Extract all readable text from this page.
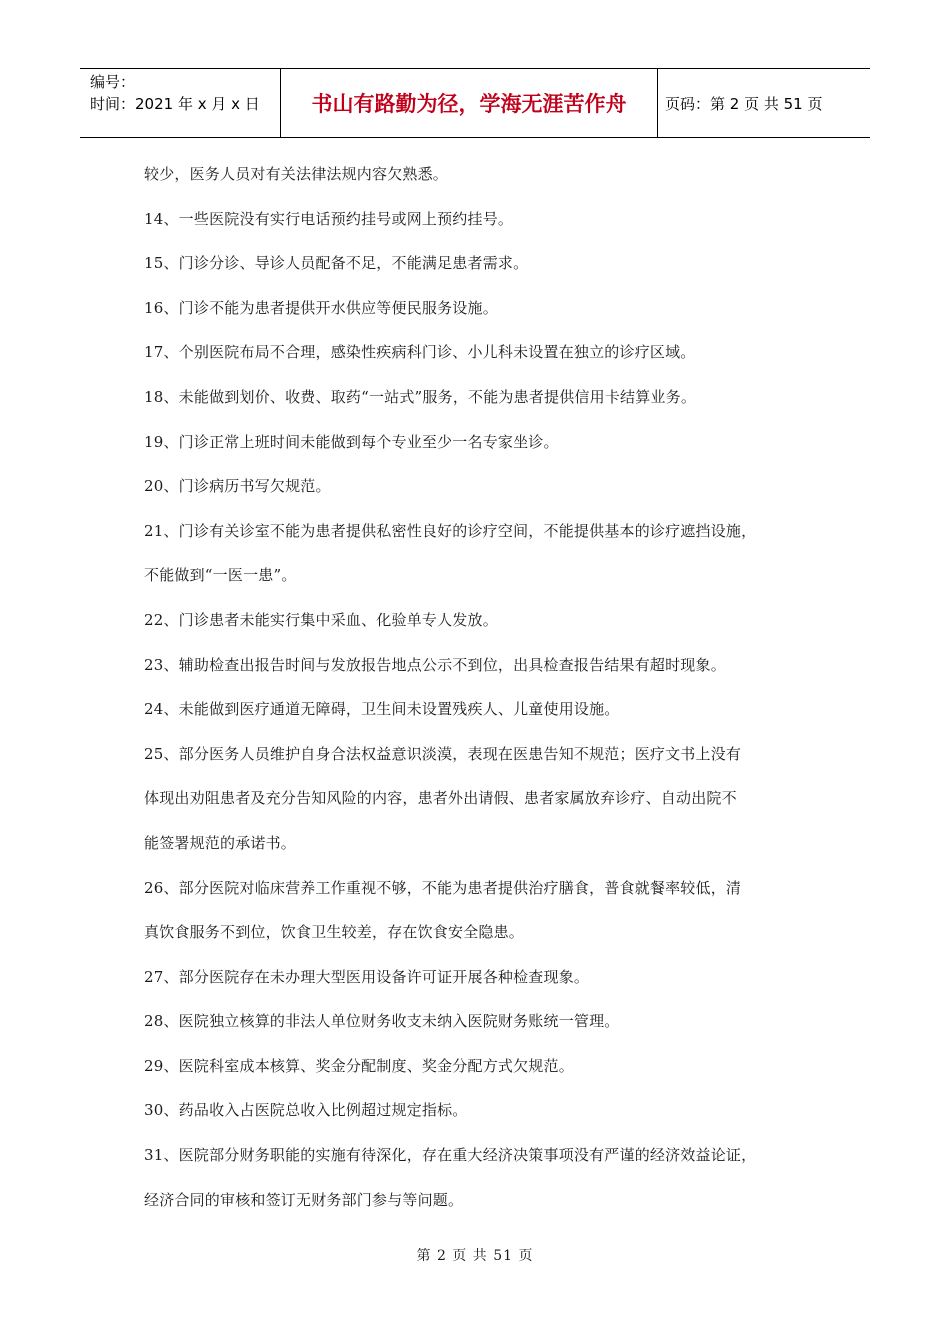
编号：
时间：2021 年 x 月 x 日	书山有路勤为径，学海无涯苦作舟	页码：第 2 页 共 51 页
较少，医务人员对有关法律法规内容欠熟悉。
14、一些医院没有实行电话预约挂号或网上预约挂号。
15、门诊分诊、导诊人员配备不足，不能满足患者需求。
16、门诊不能为患者提供开水供应等便民服务设施。
17、个别医院布局不合理，感染性疾病科门诊、小儿科未设置在独立的诊疗区域。
18、未能做到划价、收费、取药“一站式”服务，不能为患者提供信用卡结算业务。
19、门诊正常上班时间未能做到每个专业至少一名专家坐诊。
20、门诊病历书写欠规范。
21、门诊有关诊室不能为患者提供私密性良好的诊疗空间，不能提供基本的诊疗遮挡设施，
不能做到“一医一患”。
22、门诊患者未能实行集中采血、化验单专人发放。
23、辅助检查出报告时间与发放报告地点公示不到位，出具检查报告结果有超时现象。
24、未能做到医疗通道无障碍，卫生间未设置残疾人、儿童使用设施。
25、部分医务人员维护自身合法权益意识淡漠，表现在医患告知不规范；医疗文书上没有
体现出劝阻患者及充分告知风险的内容，患者外出请假、患者家属放弃诊疗、自动出院不
能签署规范的承诺书。
26、部分医院对临床营养工作重视不够，不能为患者提供治疗膳食，普食就餐率较低，清
真饮食服务不到位，饮食卫生较差，存在饮食安全隐患。
27、部分医院存在未办理大型医用设备许可证开展各种检查现象。
28、医院独立核算的非法人单位财务收支未纳入医院财务账统一管理。
29、医院科室成本核算、奖金分配制度、奖金分配方式欠规范。
30、药品收入占医院总收入比例超过规定指标。
31、医院部分财务职能的实施有待深化，存在重大经济决策事项没有严谨的经济效益论证，
经济合同的审核和签订无财务部门参与等问题。
第 2 页 共 51 页
